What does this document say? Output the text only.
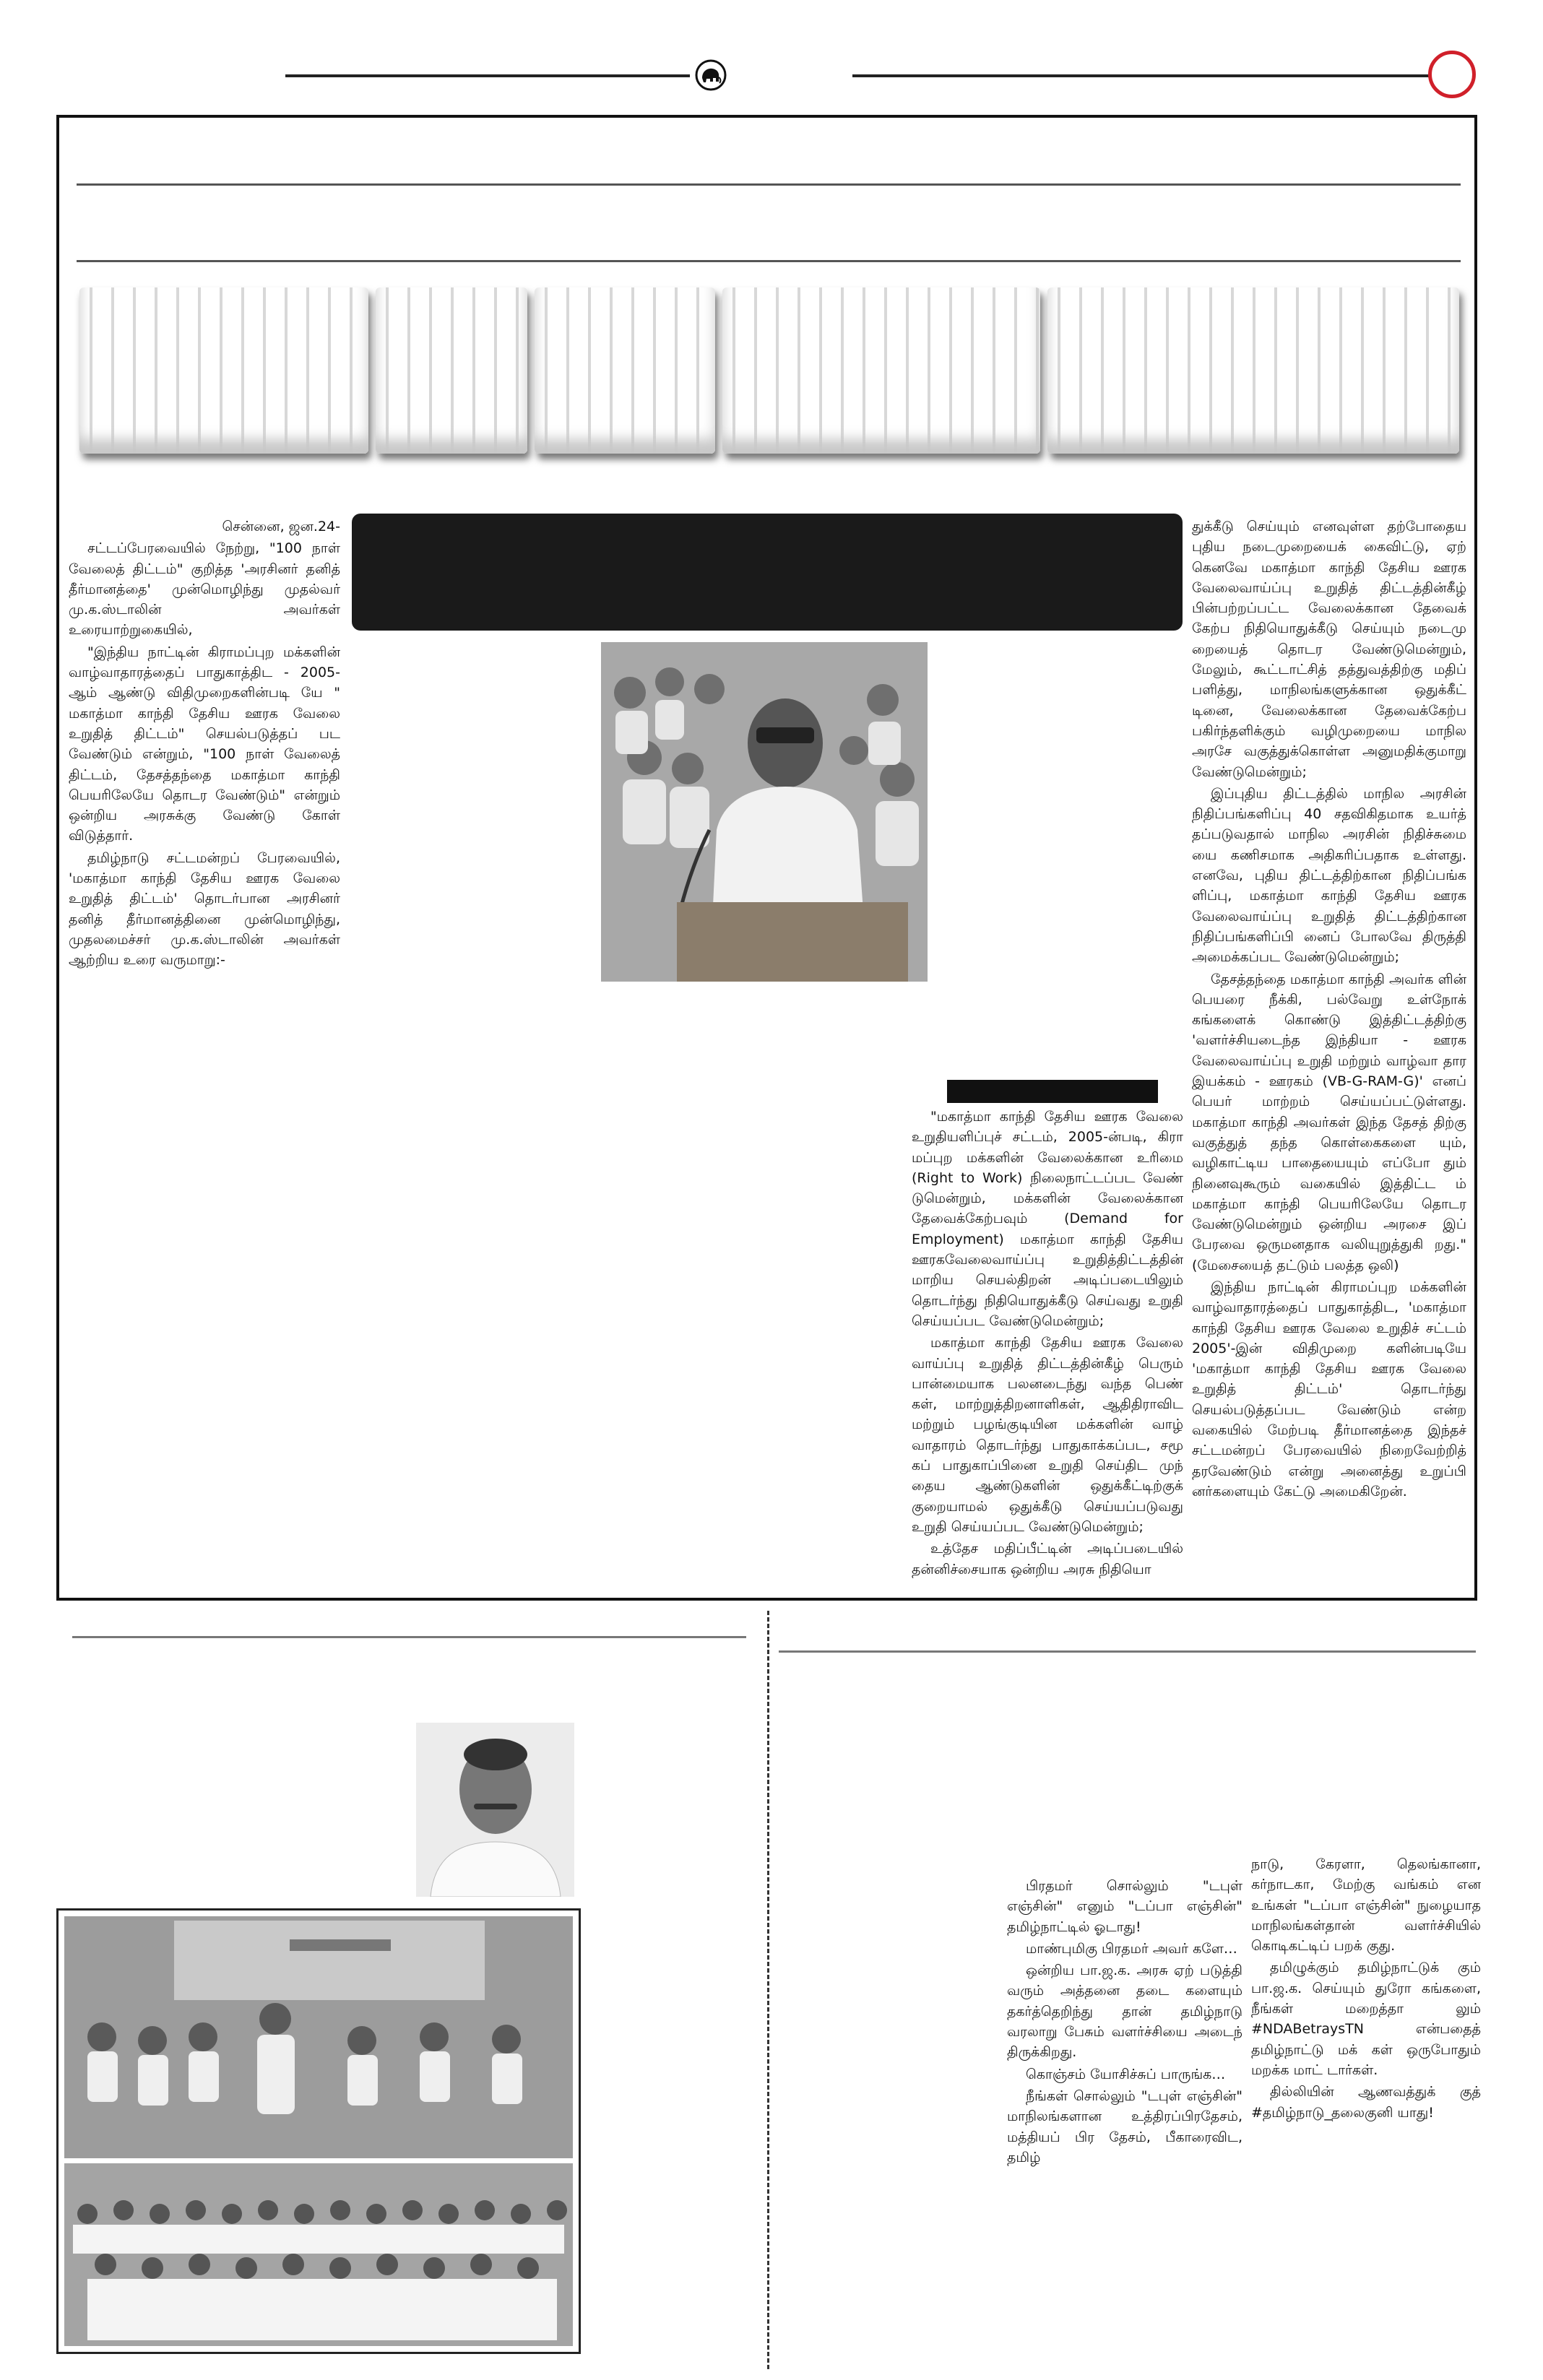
சென்னை, ஜன.24-

சட்டப்பேரவையில் நேற்று, "100 நாள் வேலைத் திட்டம்" குறித்த 'அரசினர் தனித் தீர்மானத்தை' முன்மொழிந்து முதல்வர் மு.க.ஸ்டாலின் அவர்கள் உரையாற்றுகையில்,

"இந்திய நாட்டின் கிராமப்புற மக்களின் வாழ்வாதாரத்தைப் பாதுகாத்திட - 2005-ஆம் ஆண்டு விதிமுறைகளின்படி யே " மகாத்மா காந்தி தேசிய ஊரக வேலை உறுதித் திட்டம்" செயல்படுத்தப் பட வேண்டும் என்றும், "100 நாள் வேலைத் திட்டம், தேசத்தந்தை மகாத்மா காந்தி பெயரிலேயே தொடர வேண்டும்" என்றும் ஒன்றிய அரசுக்கு வேண்டு கோள் விடுத்தார்.

தமிழ்நாடு சட்டமன்றப் பேரவையில், 'மகாத்மா காந்தி தேசிய ஊரக வேலை உறுதித் திட்டம்' தொடர்பான அரசினர் தனித் தீர்மானத்தினை முன்மொழிந்து, முதலமைச்சர் மு.க.ஸ்டாலின் அவர்கள் ஆற்றிய உரை வருமாறு:-

"மகாத்மா காந்தி தேசிய ஊரக வேலை உறுதியளிப்புச் சட்டம், 2005-ன்படி, கிரா மப்புற மக்களின் வேலைக்கான உரிமை (Right to Work) நிலைநாட்டப்பட வேண் டுமென்றும், மக்களின் வேலைக்கான தேவைக்கேற்பவும் (Demand for Employment) மகாத்மா காந்தி தேசிய ஊரகவேலைவாய்ப்பு உறுதித்திட்டத்தின் மாறிய செயல்திறன் அடிப்படையிலும் தொடர்ந்து நிதியொதுக்கீடு செய்வது உறுதி செய்யப்பட வேண்டுமென்றும்;

மகாத்மா காந்தி தேசிய ஊரக வேலை வாய்ப்பு உறுதித் திட்டத்தின்கீழ் பெரும் பான்மையாக பலனடைந்து வந்த பெண் கள், மாற்றுத்திறனாளிகள், ஆதிதிராவிட மற்றும் பழங்குடியின மக்களின் வாழ் வாதாரம் தொடர்ந்து பாதுகாக்கப்பட, சமூ கப் பாதுகாப்பினை உறுதி செய்திட முந் தைய ஆண்டுகளின் ஒதுக்கீட்டிற்குக் குறையாமல் ஒதுக்கீடு செய்யப்படுவது உறுதி செய்யப்பட வேண்டுமென்றும்;

உத்தேச மதிப்பீட்டின் அடிப்படையில் தன்னிச்சையாக ஒன்றிய அரசு நிதியொ

துக்கீடு செய்யும் எனவுள்ள தற்போதைய புதிய நடைமுறையைக் கைவிட்டு, ஏற் கெனவே மகாத்மா காந்தி தேசிய ஊரக வேலைவாய்ப்பு உறுதித் திட்டத்தின்கீழ் பின்பற்றப்பட்ட வேலைக்கான தேவைக் கேற்ப நிதியொதுக்கீடு செய்யும் நடைமு றையைத் தொடர வேண்டுமென்றும், மேலும், கூட்டாட்சித் தத்துவத்திற்கு மதிப் பளித்து, மாநிலங்களுக்கான ஒதுக்கீட் டினை, வேலைக்கான தேவைக்கேற்ப பகிர்ந்தளிக்கும் வழிமுறையை மாநில அரசே வகுத்துக்கொள்ள அனுமதிக்குமாறு வேண்டுமென்றும்;

இப்புதிய திட்டத்தில் மாநில அரசின் நிதிப்பங்களிப்பு 40 சதவிகிதமாக உயர்த் தப்படுவதால் மாநில அரசின் நிதிச்சுமை யை கணிசமாக அதிகரிப்பதாக உள்ளது. எனவே, புதிய திட்டத்திற்கான நிதிப்பங்க ளிப்பு, மகாத்மா காந்தி தேசிய ஊரக வேலைவாய்ப்பு உறுதித் திட்டத்திற்கான நிதிப்பங்களிப்பி னைப் போலவே திருத்தி அமைக்கப்பட வேண்டுமென்றும்;

தேசத்தந்தை மகாத்மா காந்தி அவர்க ளின் பெயரை நீக்கி, பல்வேறு உள்நோக் கங்களைக் கொண்டு இத்திட்டத்திற்கு 'வளர்ச்சியடைந்த இந்தியா - ஊரக வேலைவாய்ப்பு உறுதி மற்றும் வாழ்வா தார இயக்கம் - ஊரகம் (VB-G-RAM-G)' எனப் பெயர் மாற்றம் செய்யப்பட்டுள்ளது. மகாத்மா காந்தி அவர்கள் இந்த தேசத் திற்கு வகுத்துத் தந்த கொள்கைகளை யும், வழிகாட்டிய பாதையையும் எப்போ தும் நினைவுகூரும் வகையில் இத்திட்ட ம் மகாத்மா காந்தி பெயரிலேயே தொடர வேண்டுமென்றும் ஒன்றிய அரசை இப் பேரவை ஒருமனதாக வலியுறுத்துகி றது." (மேசையைத் தட்டும் பலத்த ஒலி)

இந்திய நாட்டின் கிராமப்புற மக்களின் வாழ்வாதாரத்தைப் பாதுகாத்திட, 'மகாத்மா காந்தி தேசிய ஊரக வேலை உறுதிச் சட்டம் 2005'-இன் விதிமுறை களின்படியே 'மகாத்மா காந்தி தேசிய ஊரக வேலை உறுதித் திட்டம்' தொடர்ந்து செயல்படுத்தப்பட வேண்டும் என்ற வகையில் மேற்படி தீர்மானத்தை இந்தச் சட்டமன்றப் பேரவையில் நிறைவேற்றித் தரவேண்டும் என்று அனைத்து உறுப்பி னர்களையும் கேட்டு அமைகிறேன்.

பிரதமர் சொல்லும் "டபுள் எஞ்சின்" எனும் "டப்பா எஞ்சின்" தமிழ்நாட்டில் ஓடாது!

மாண்புமிகு பிரதமர் அவர் களே…

ஒன்றிய பா.ஜ.க. அரசு ஏற் படுத்தி வரும் அத்தனை தடை களையும் தகர்த்தெறிந்து தான் தமிழ்நாடு வரலாறு பேசும் வளர்ச்சியை அடைந் திருக்கிறது.

கொஞ்சம் யோசிச்சுப் பாருங்க…

நீங்கள் சொல்லும் "டபுள் எஞ்சின்" மாநிலங்களான உத்திரப்பிரதேசம், மத்தியப் பிர தேசம், பீகாரைவிட, தமிழ்

நாடு, கேரளா, தெலங்கானா, கர்நாடகா, மேற்கு வங்கம் என உங்கள் "டப்பா எஞ்சின்" நுழையாத மாநிலங்கள்தான் வளர்ச்சியில் கொடிகட்டிப் பறக் குது.

தமிழுக்கும் தமிழ்நாட்டுக் கும் பா.ஜ.க. செய்யும் துரோ கங்களை, நீங்கள் மறைத்தா லும் #NDABetraysTN என்பதைத் தமிழ்நாட்டு மக் கள் ஒருபோதும் மறக்க மாட் டார்கள்.

தில்லியின் ஆணவத்துக் குத் #தமிழ்நாடு_தலைகுனி யாது!
